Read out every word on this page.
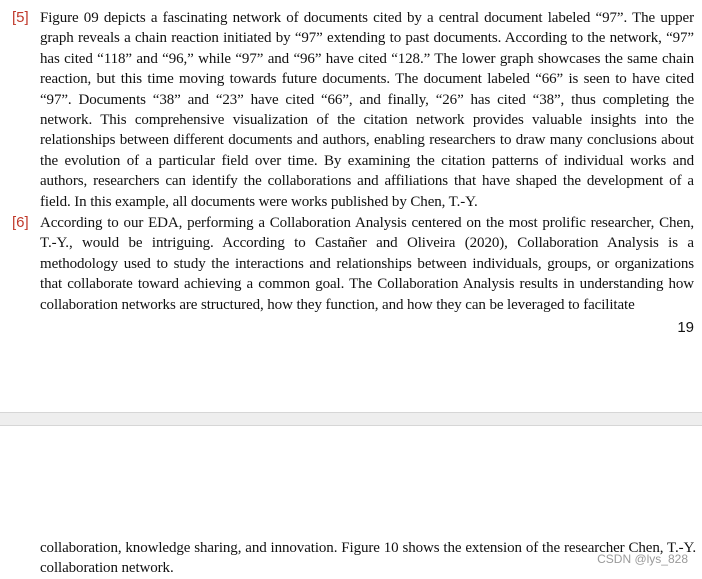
[5] Figure 09 depicts a fascinating network of documents cited by a central document labeled “97”. The upper graph reveals a chain reaction initiated by “97” extending to past documents. According to the network, “97” has cited “118” and “96,” while “97” and “96” have cited “128.” The lower graph showcases the same chain reaction, but this time moving towards future documents. The document labeled “66” is seen to have cited “97”. Documents “38” and “23” have cited “66”, and finally, “26” has cited “38”, thus completing the network. This comprehensive visualization of the citation network provides valuable insights into the relationships between different documents and authors, enabling researchers to draw many conclusions about the evolution of a particular field over time. By examining the citation patterns of individual works and authors, researchers can identify the collaborations and affiliations that have shaped the development of a field. In this example, all documents were works published by Chen, T.-Y.

[6] According to our EDA, performing a Collaboration Analysis centered on the most prolific researcher, Chen, T.-Y., would be intriguing. According to Castañer and Oliveira (2020), Collaboration Analysis is a methodology used to study the interactions and relationships between individuals, groups, or organizations that collaborate toward achieving a common goal. The Collaboration Analysis results in understanding how collaboration networks are structured, how they function, and how they can be leveraged to facilitate

19

collaboration, knowledge sharing, and innovation. Figure 10 shows the extension of the researcher Chen, T.-Y. collaboration network.

CSDN @lys_828
